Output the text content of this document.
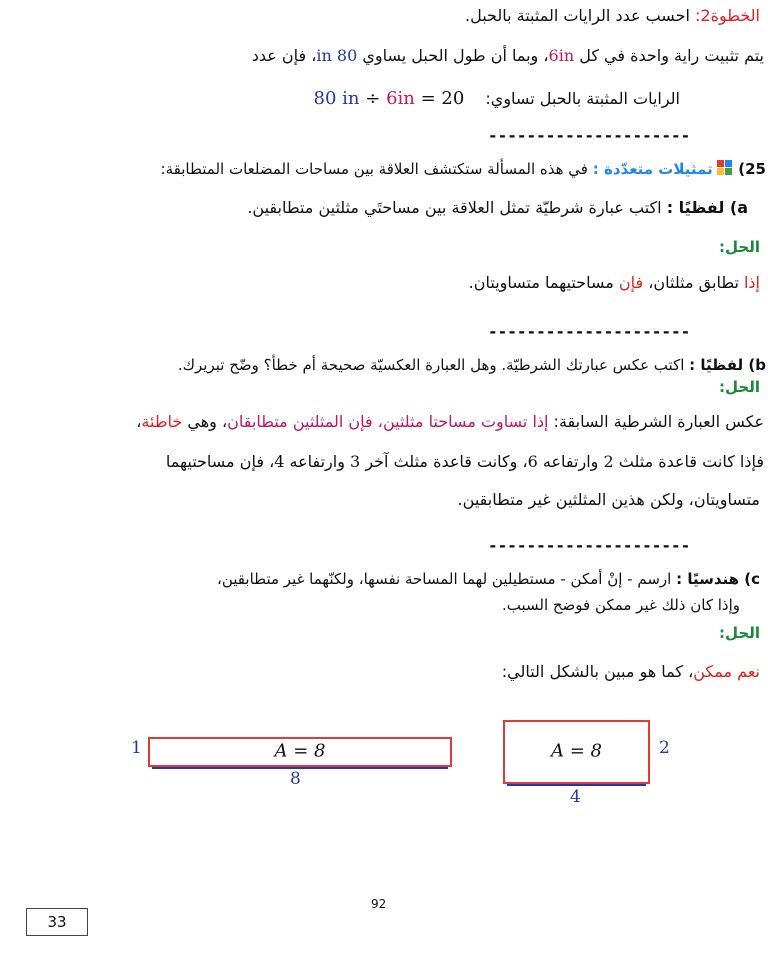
الخطوة2: احسب عدد الرايات المثبتة بالحبل.
يتم تثبيت راية واحدة في كل 6in، وبما أن طول الحبل يساوي 80 in، فإن عدد
الرايات المثبتة بالحبل تساوي: 80 in ÷ 6in = 20
---------------------
25)
تمثيلات متعدّدة : في هذه المسألة ستكتشف العلاقة بين مساحات المضلعات المتطابقة:
a) لفظيًا : اكتب عبارة شرطيّة تمثل العلاقة بين مساحتَي مثلثين متطابقين.
الحل:
إذا تطابق مثلثان، فإن مساحتيهما متساويتان.
---------------------
b) لفظيًا : اكتب عكس عبارتك الشرطيّة. وهل العبارة العكسيّة صحيحة أم خطأ؟ وضّح تبريرك.
الحل:
عكس العبارة الشرطية السابقة: إذا تساوت مساحتا مثلثين، فإن المثلثين متطابقان، وهي خاطئة،
فإذا كانت قاعدة مثلث 2 وارتفاعه 6، وكانت قاعدة مثلث آخر 3 وارتفاعه 4، فإن مساحتيهما
متساويتان، ولكن هذين المثلثين غير متطابقين.
---------------------
c) هندسيًا : ارسم - إنْ أمكن - مستطيلين لهما المساحة نفسها، ولكنّهما غير متطابقين،
وإذا كان ذلك غير ممكن فوضح السبب.
الحل:
نعم ممكن، كما هو مبين بالشكل التالي:
A = 8
1
8
A = 8	2
4
92
33
